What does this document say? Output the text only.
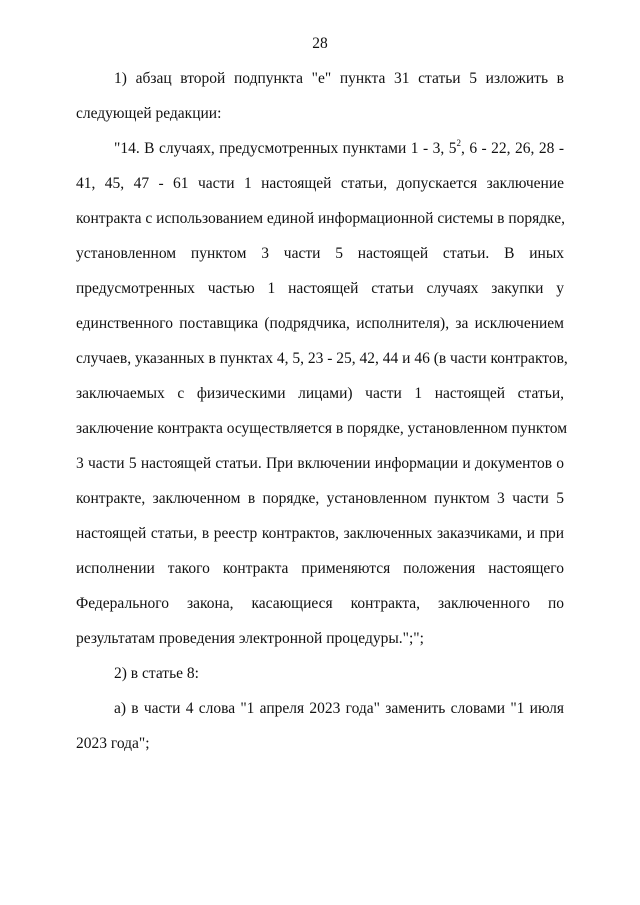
28
1) абзац второй подпункта "е" пункта 31 статьи 5 изложить в
следующей редакции:
"14. В случаях, предусмотренных пунктами 1 - 3, $5^2$, 6 - 22, 26, 28 -
41, 45, 47 - 61 части 1 настоящей статьи, допускается заключение
контракта с использованием единой информационной системы в порядке,
установленном пунктом 3 части 5 настоящей статьи. В иных
предусмотренных частью 1 настоящей статьи случаях закупки у
единственного поставщика (подрядчика, исполнителя), за исключением
случаев, указанных в пунктах 4, 5, 23 - 25, 42, 44 и 46 (в части контрактов,
заключаемых с физическими лицами) части 1 настоящей статьи,
заключение контракта осуществляется в порядке, установленном пунктом
3 части 5 настоящей статьи. При включении информации и документов о
контракте, заключенном в порядке, установленном пунктом 3 части 5
настоящей статьи, в реестр контрактов, заключенных заказчиками, и при
исполнении такого контракта применяются положения настоящего
Федерального закона, касающиеся контракта, заключенного по
результатам проведения электронной процедуры.";";
2) в статье 8:
а) в части 4 слова "1 апреля 2023 года" заменить словами "1 июля
2023 года";
